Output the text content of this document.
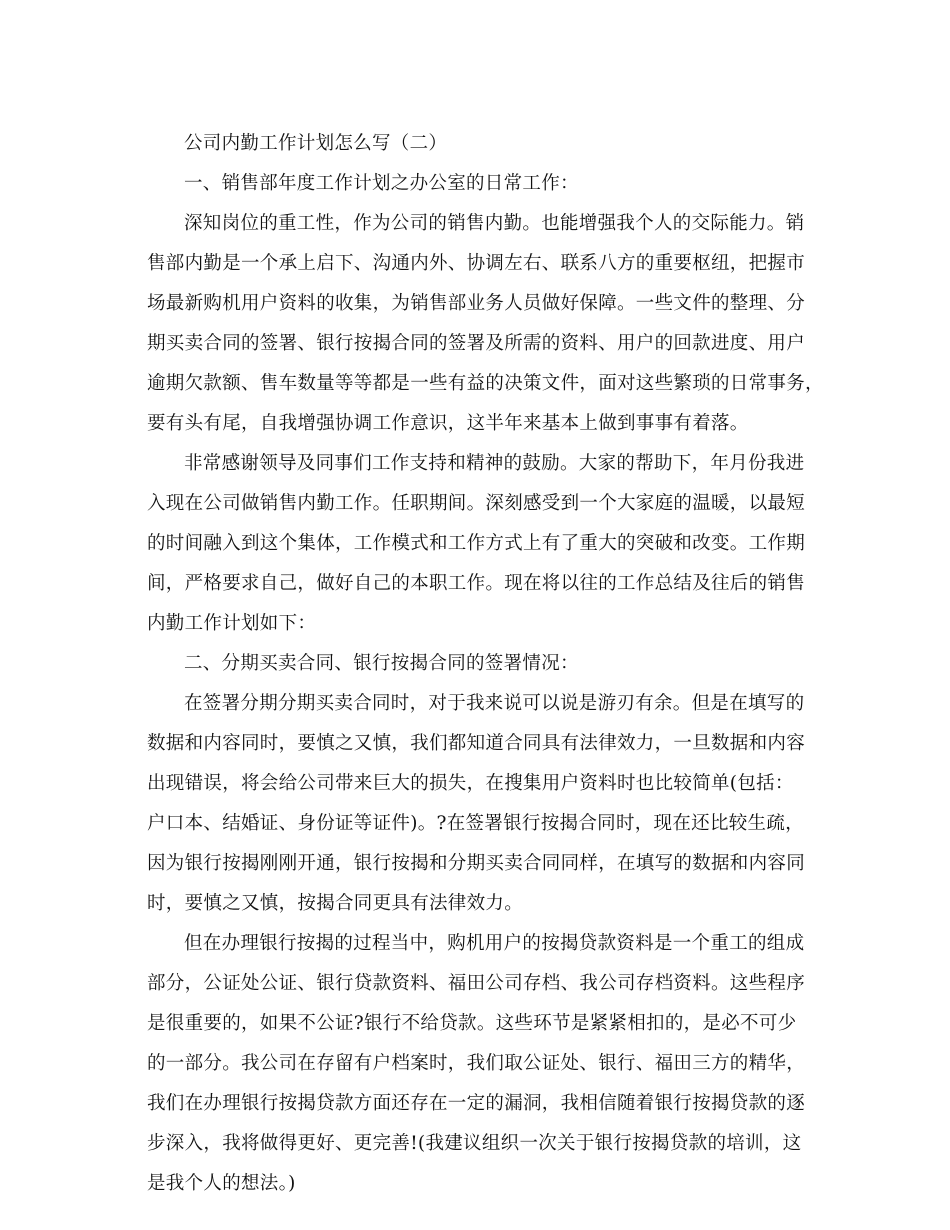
公司内勤工作计划怎么写（二）
一、销售部年度工作计划之办公室的日常工作：
深知岗位的重工性，作为公司的销售内勤。也能增强我个人的交际能力。销
售部内勤是一个承上启下、沟通内外、协调左右、联系八方的重要枢纽，把握市
场最新购机用户资料的收集，为销售部业务人员做好保障。一些文件的整理、分
期买卖合同的签署、银行按揭合同的签署及所需的资料、用户的回款进度、用户
逾期欠款额、售车数量等等都是一些有益的决策文件，面对这些繁琐的日常事务，
要有头有尾，自我增强协调工作意识，这半年来基本上做到事事有着落。
非常感谢领导及同事们工作支持和精神的鼓励。大家的帮助下，年月份我进
入现在公司做销售内勤工作。任职期间。深刻感受到一个大家庭的温暖，以最短
的时间融入到这个集体，工作模式和工作方式上有了重大的突破和改变。工作期
间，严格要求自己，做好自己的本职工作。现在将以往的工作总结及往后的销售
内勤工作计划如下：
二、分期买卖合同、银行按揭合同的签署情况：
在签署分期分期买卖合同时，对于我来说可以说是游刃有余。但是在填写的
数据和内容同时，要慎之又慎，我们都知道合同具有法律效力，一旦数据和内容
出现错误，将会给公司带来巨大的损失，在搜集用户资料时也比较简单(包括：
户口本、结婚证、身份证等证件)。?在签署银行按揭合同时，现在还比较生疏，
因为银行按揭刚刚开通，银行按揭和分期买卖合同同样，在填写的数据和内容同
时，要慎之又慎，按揭合同更具有法律效力。
但在办理银行按揭的过程当中，购机用户的按揭贷款资料是一个重工的组成
部分，公证处公证、银行贷款资料、福田公司存档、我公司存档资料。这些程序
是很重要的，如果不公证?银行不给贷款。这些环节是紧紧相扣的，是必不可少
的一部分。我公司在存留有户档案时，我们取公证处、银行、福田三方的精华，
我们在办理银行按揭贷款方面还存在一定的漏洞，我相信随着银行按揭贷款的逐
步深入，我将做得更好、更完善!(我建议组织一次关于银行按揭贷款的培训，这
是我个人的想法。)
